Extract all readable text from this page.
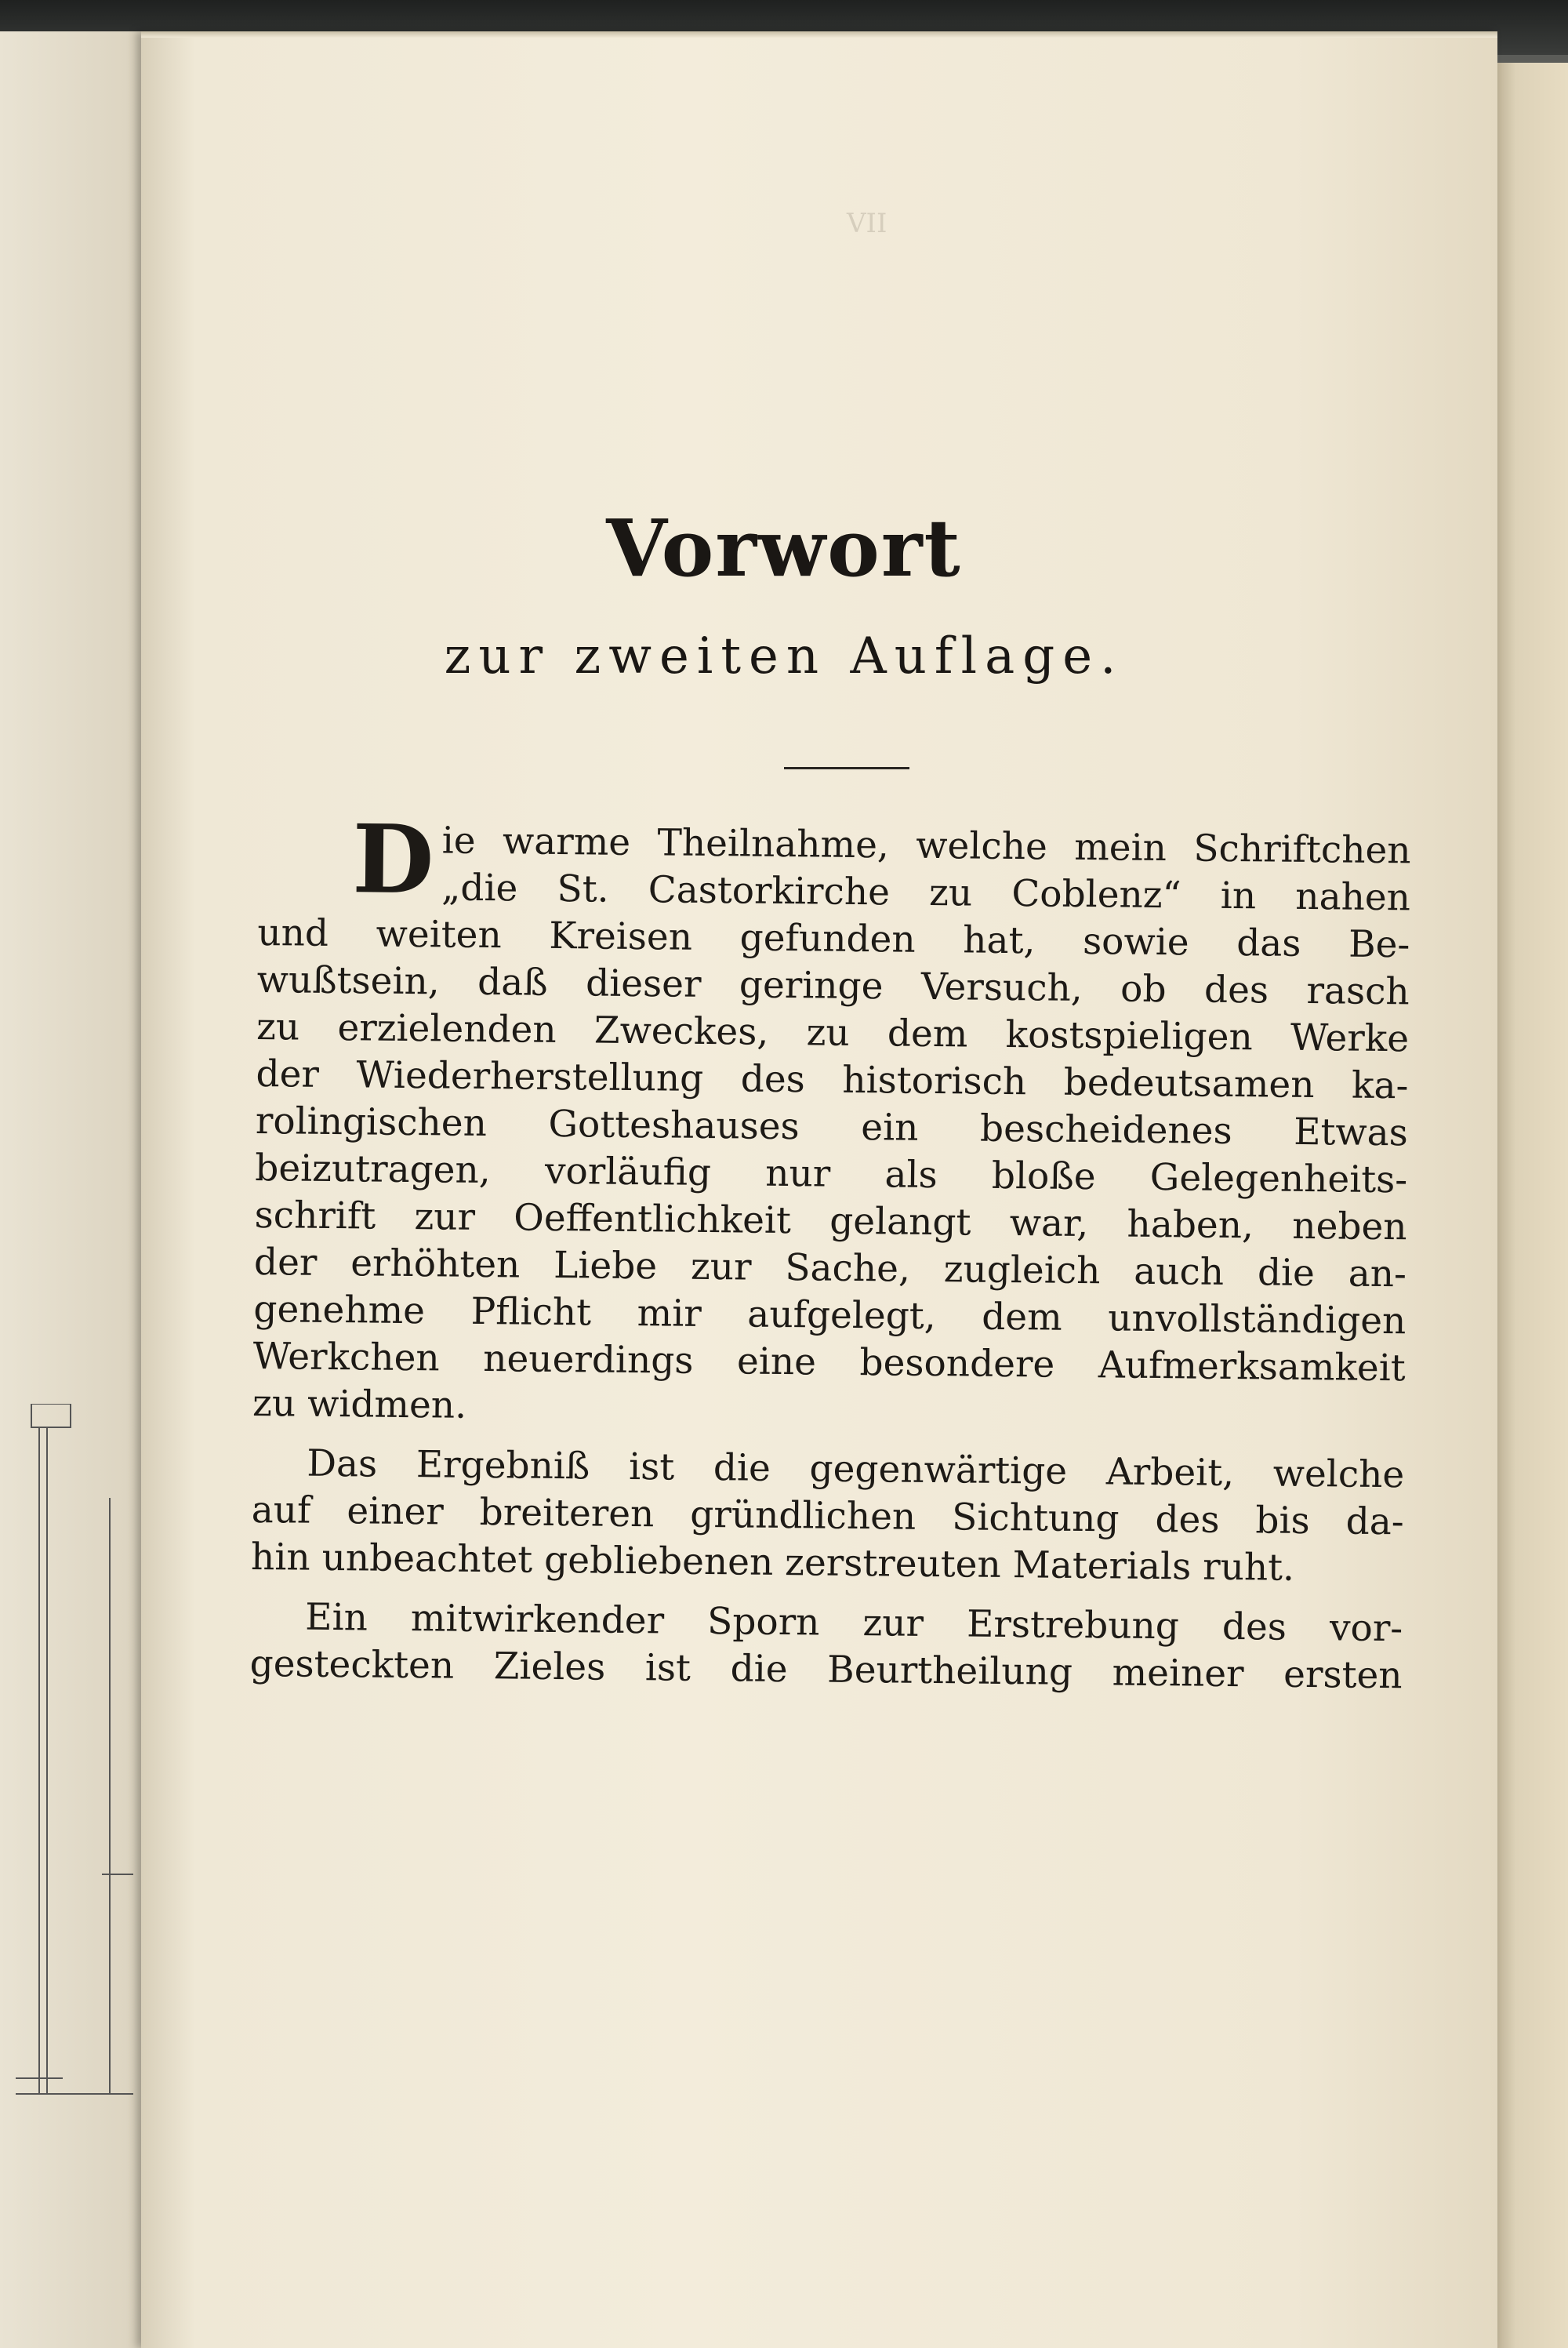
VII
Vorwort
zur zweiten Auflage.
D ie warme Theilnahme, welche mein Schriftchen
„die St. Castorkirche zu Coblenz“ in nahen
und weiten Kreisen gefunden hat, sowie das Be-
wußtsein, daß dieser geringe Versuch, ob des rasch
zu erzielenden Zweckes, zu dem kostspieligen Werke
der Wiederherstellung des historisch bedeutsamen ka-
rolingischen Gotteshauses ein bescheidenes Etwas
beizutragen, vorläufig nur als bloße Gelegenheits-
schrift zur Oeffentlichkeit gelangt war, haben, neben
der erhöhten Liebe zur Sache, zugleich auch die an-
genehme Pflicht mir aufgelegt, dem unvollständigen
Werkchen neuerdings eine besondere Aufmerksamkeit
zu widmen.
Das Ergebniß ist die gegenwärtige Arbeit, welche
auf einer breiteren gründlichen Sichtung des bis da-
hin unbeachtet gebliebenen zerstreuten Materials ruht.
Ein mitwirkender Sporn zur Erstrebung des vor-
gesteckten Zieles ist die Beurtheilung meiner ersten
